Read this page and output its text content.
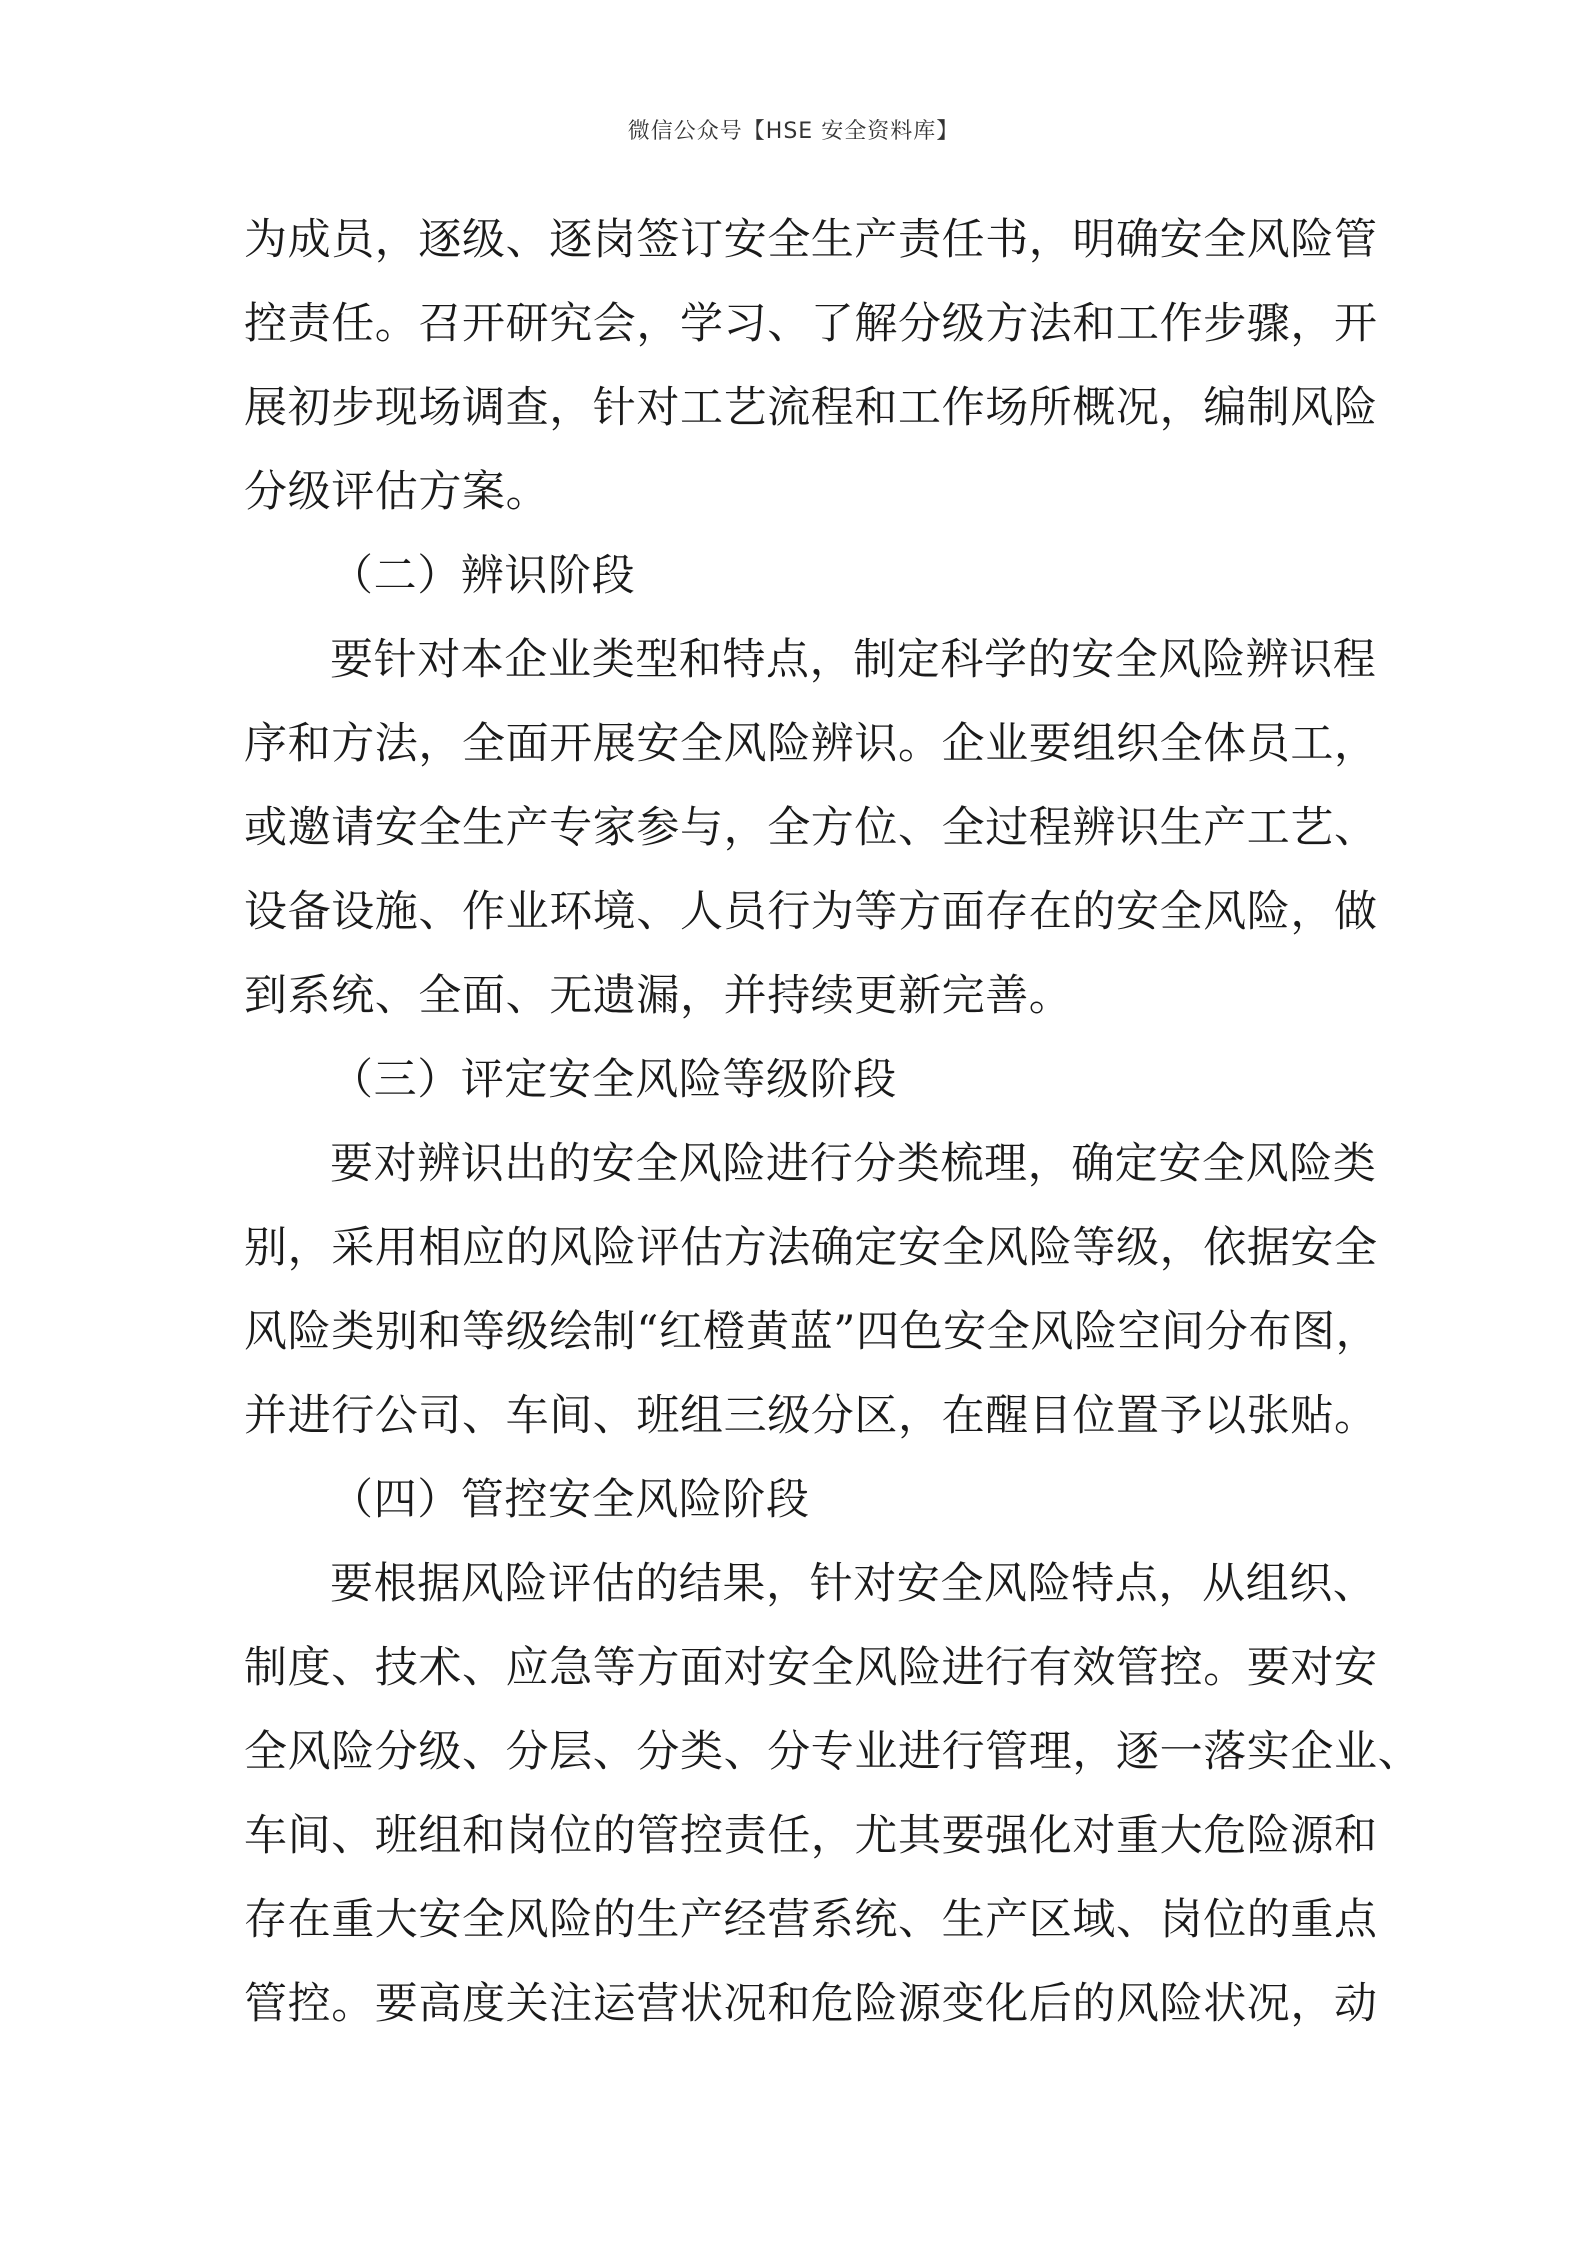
微信公众号【HSE 安全资料库】
为成员，逐级、逐岗签订安全生产责任书，明确安全风险管
控责任。召开研究会，学习、了解分级方法和工作步骤，开
展初步现场调查，针对工艺流程和工作场所概况，编制风险
分级评估方案。
（二）辨识阶段
要针对本企业类型和特点，制定科学的安全风险辨识程
序和方法，全面开展安全风险辨识。企业要组织全体员工，
或邀请安全生产专家参与，全方位、全过程辨识生产工艺、
设备设施、作业环境、人员行为等方面存在的安全风险，做
到系统、全面、无遗漏，并持续更新完善。
（三）评定安全风险等级阶段
要对辨识出的安全风险进行分类梳理，确定安全风险类
别，采用相应的风险评估方法确定安全风险等级，依据安全
风险类别和等级绘制“红橙黄蓝”四色安全风险空间分布图，
并进行公司、车间、班组三级分区，在醒目位置予以张贴。
（四）管控安全风险阶段
要根据风险评估的结果，针对安全风险特点，从组织、
制度、技术、应急等方面对安全风险进行有效管控。要对安
全风险分级、分层、分类、分专业进行管理，逐一落实企业、
车间、班组和岗位的管控责任，尤其要强化对重大危险源和
存在重大安全风险的生产经营系统、生产区域、岗位的重点
管控。要高度关注运营状况和危险源变化后的风险状况，动
